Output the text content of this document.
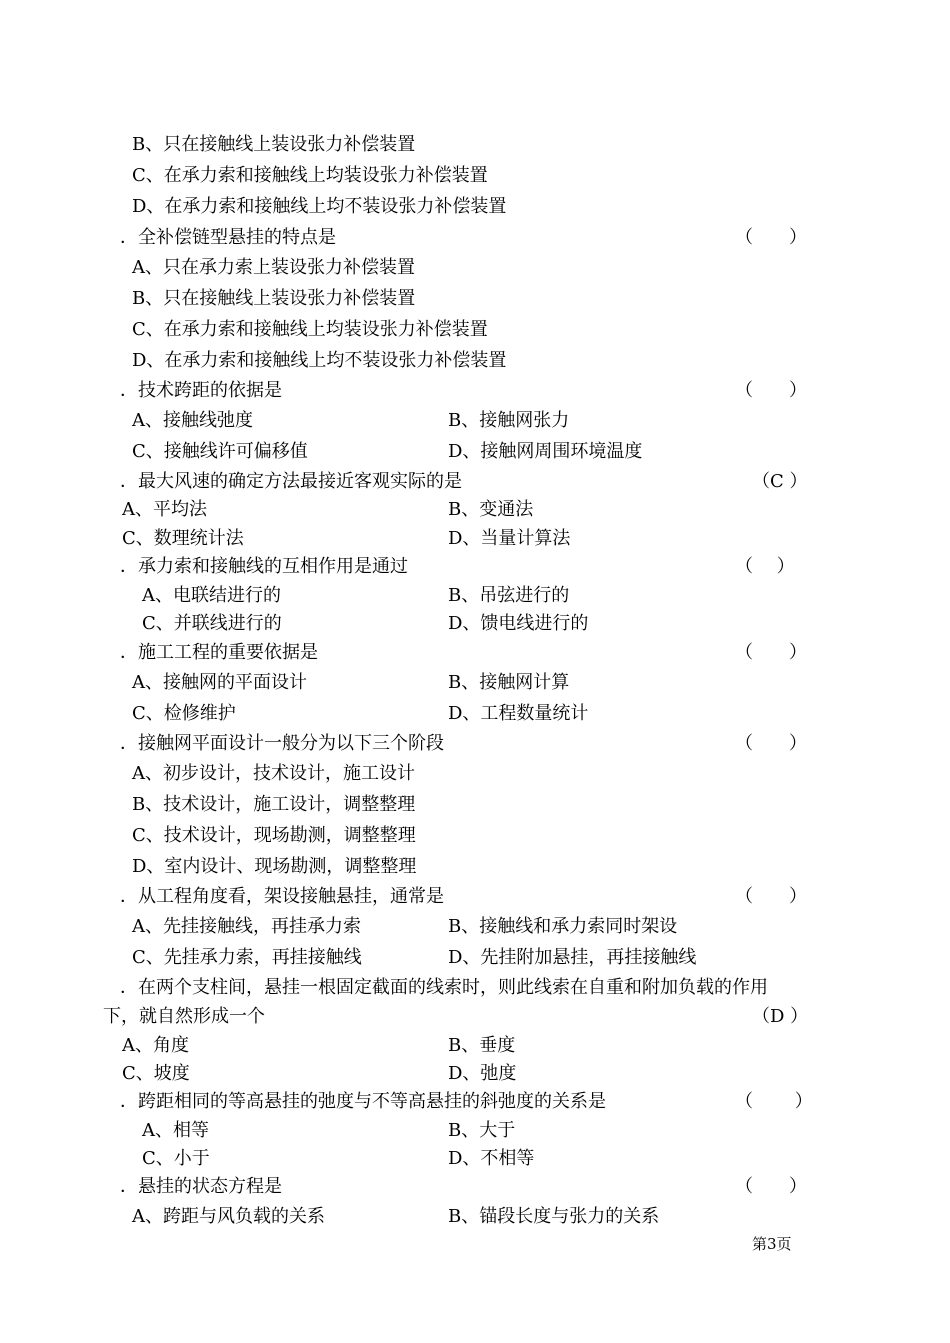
B、只在接触线上装设张力补偿装置
C、在承力索和接触线上均装设张力补偿装置
D、在承力索和接触线上均不装设张力补偿装置
．全补偿链型悬挂的特点是	（　　）
A、只在承力索上装设张力补偿装置
B、只在接触线上装设张力补偿装置
C、在承力索和接触线上均装设张力补偿装置
D、在承力索和接触线上均不装设张力补偿装置
．技术跨距的依据是	（　　）
A、接触线弛度	B、接触网张力
C、接触线许可偏移值	D、接触网周围环境温度
．最大风速的确定方法最接近客观实际的是	（C ）
A、平均法	B、变通法
C、数理统计法	D、当量计算法
．承力索和接触线的互相作用是通过	（　 ）
A、电联结进行的	B、吊弦进行的
C、并联线进行的	D、馈电线进行的
．施工工程的重要依据是	（　　）
A、接触网的平面设计	B、接触网计算
C、检修维护	D、工程数量统计
．接触网平面设计一般分为以下三个阶段	（　　）
A、初步设计，技术设计，施工设计
B、技术设计，施工设计，调整整理
C、技术设计，现场勘测，调整整理
D、室内设计、现场勘测，调整整理
．从工程角度看，架设接触悬挂，通常是	（　　）
A、先挂接触线，再挂承力索	B、接触线和承力索同时架设
C、先挂承力索，再挂接触线	D、先挂附加悬挂，再挂接触线
．在两个支柱间，悬挂一根固定截面的线索时，则此线索在自重和附加负载的作用
下，就自然形成一个	（D ）
A、角度	B、垂度
C、坡度	D、弛度
．跨距相同的等高悬挂的弛度与不等高悬挂的斜弛度的关系是	（　　 ）
A、相等	B、大于
C、小于	D、不相等
．悬挂的状态方程是	（　　）
A、跨距与风负载的关系	B、锚段长度与张力的关系
第3页
